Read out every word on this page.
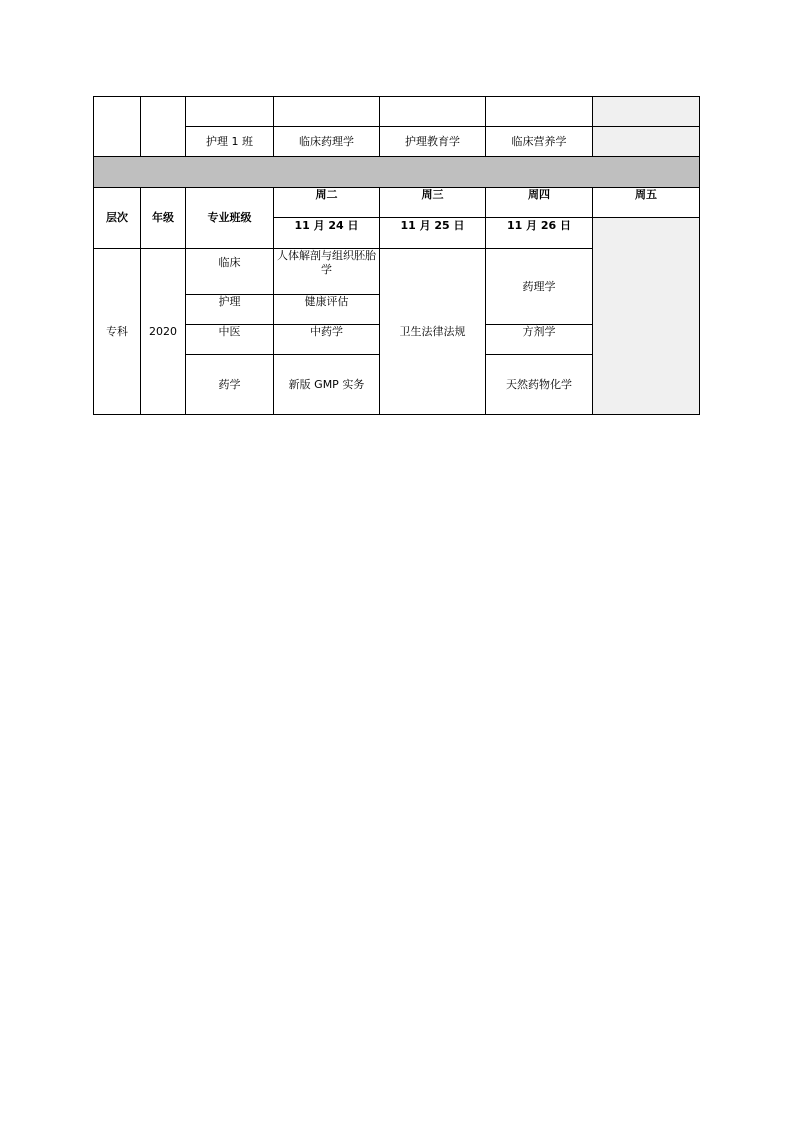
		护理 1 班	临床药理学	护理教育学	临床营养学	

层次	年级	专业班级	周二	周三	周四	周五
			11 月 24 日	11 月 25 日	11 月 26 日	
专科	2020	临床	人体解剖与组织胚胎学	卫生法律法规	药理学	
		护理	健康评估			
		中医	中药学		方剂学	
		药学	新版 GMP 实务		天然药物化学	
